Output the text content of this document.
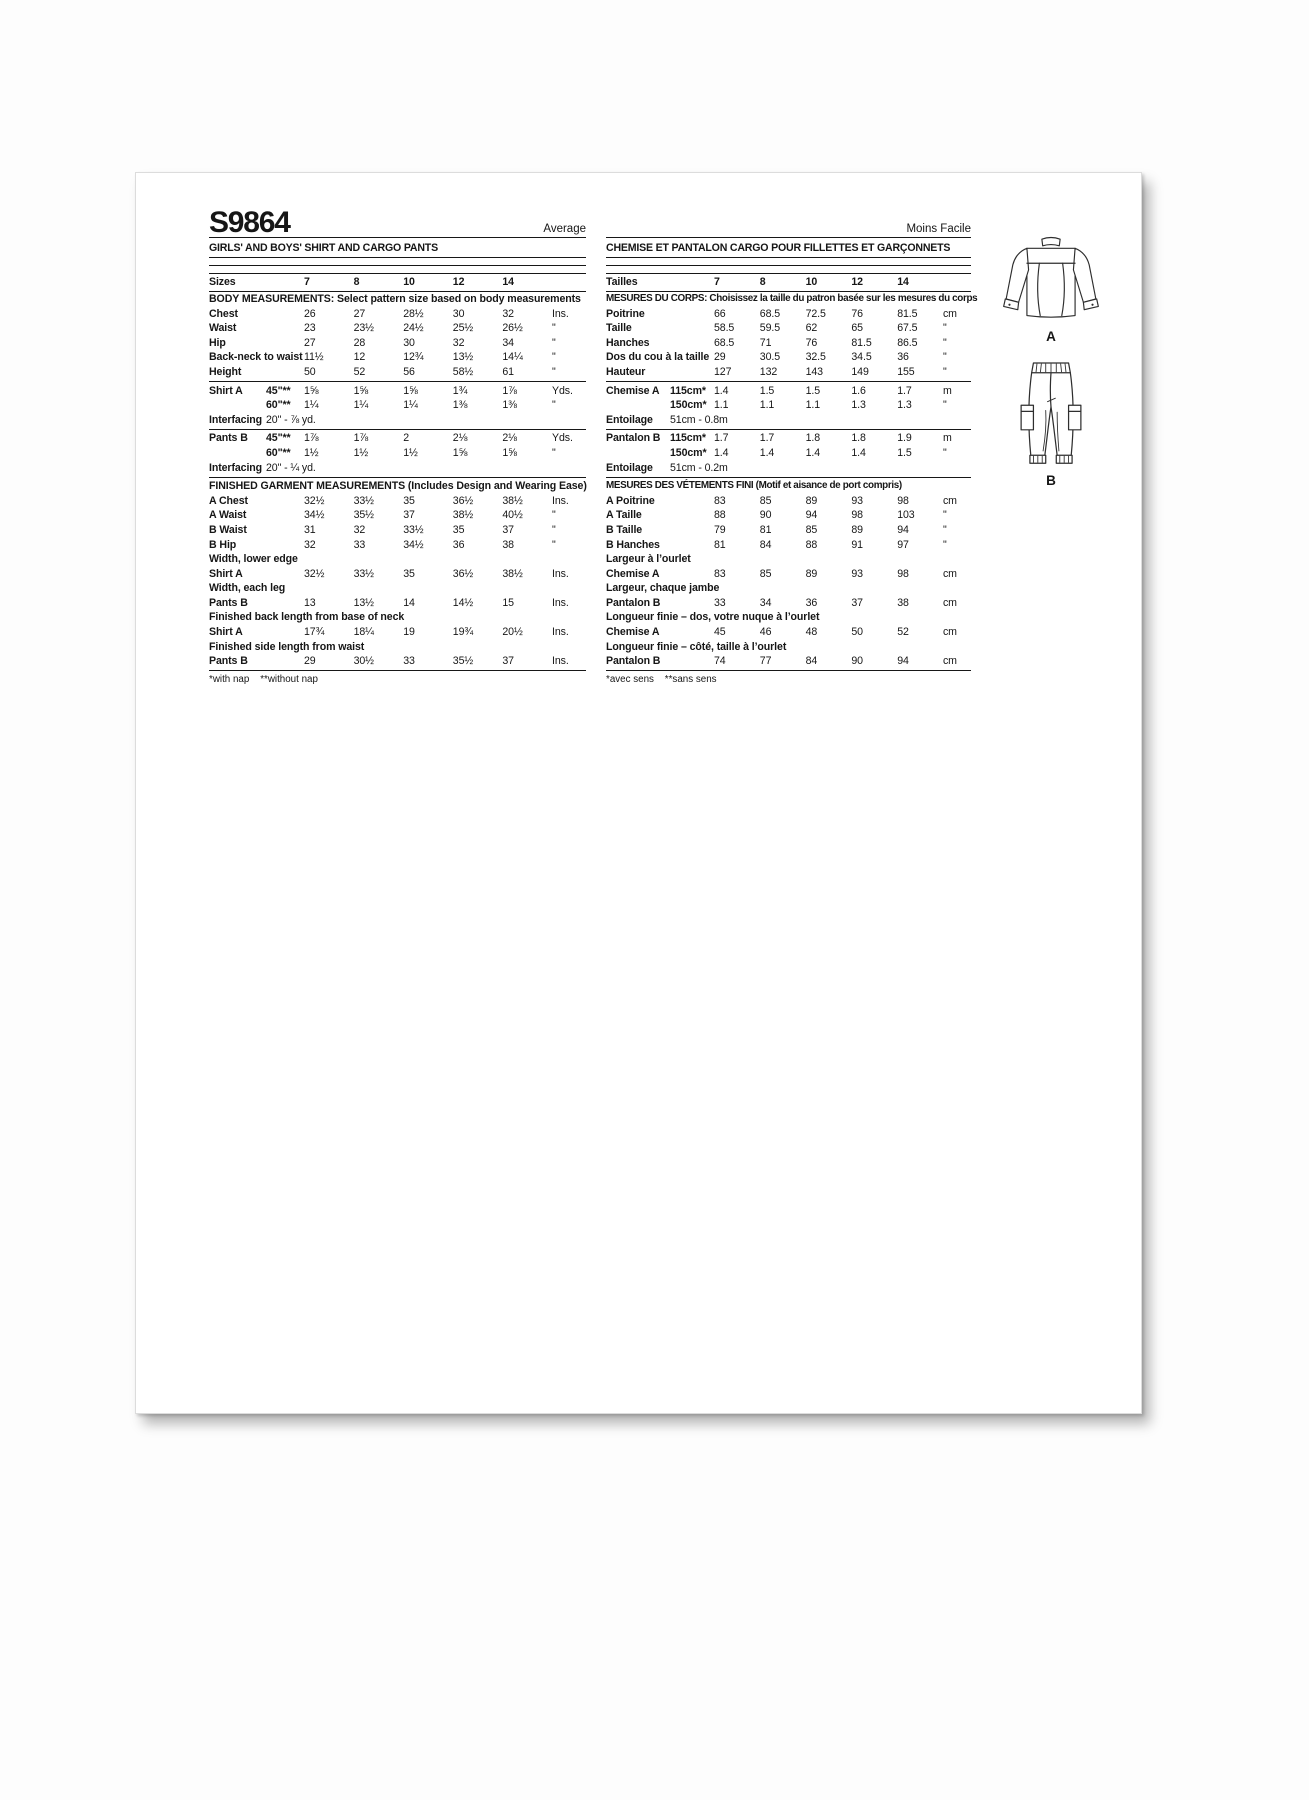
S9864	Average
GIRLS' AND BOYS' SHIRT AND CARGO PANTS

Sizes	7	8	10	12	14
BODY MEASUREMENTS: Select pattern size based on body measurements
Chest	26	27	28½	30	32	Ins.
Waist	23	23½	24½	25½	26½	"
Hip	27	28	30	32	34	"
Back-neck to waist 11½	12	12¾	13½	14¼	"
Height	50	52	56	58½	61	"
Shirt A	45"**	1⅝	1⅝	1⅝	1¾	1⅞	Yds.
60"**	1¼	1¼	1¼	1⅜	1⅜	"
Interfacing 20" - ⅞ yd.
Pants B	45"**	1⅞	1⅞	2	2⅛	2⅛	Yds.
60"**	1½	1½	1½	1⅝	1⅝	"
Interfacing 20" - ¼ yd.
FINISHED GARMENT MEASUREMENTS (Includes Design and Wearing Ease)
A Chest	32½	33½	35	36½	38½	Ins.
A Waist	34½	35½	37	38½	40½	"
B Waist	31	32	33½	35	37	"
B Hip	32	33	34½	36	38	"
Width, lower edge
Shirt A	32½	33½	35	36½	38½	Ins.
Width, each leg
Pants B	13	13½	14	14½	15	Ins.
Finished back length from base of neck
Shirt A	17¾	18¼	19	19¾	20½	Ins.
Finished side length from waist
Pants B	29	30½	33	35½	37	Ins.
*with nap    **without nap
Moins Facile
CHEMISE ET PANTALON CARGO POUR FILLETTES ET GARÇONNETS

Tailles	7	8	10	12	14
MESURES DU CORPS: Choisissez la taille du patron basée sur les mesures du corps
Poitrine	66	68.5	72.5	76	81.5	cm
Taille	58.5	59.5	62	65	67.5	"
Hanches	68.5	71	76	81.5	86.5	"
Dos du cou à la taille 29	30.5	32.5	34.5	36	"
Hauteur	127	132	143	149	155	"
Chemise A 115cm* 1.4	1.5	1.5	1.6	1.7	m
150cm* 1.1	1.1	1.1	1.3	1.3	"
Entoilage	51cm - 0.8m
Pantalon B 115cm* 1.7	1.7	1.8	1.8	1.9	m
150cm* 1.4	1.4	1.4	1.4	1.5	"
Entoilage	51cm - 0.2m
MESURES DES VÉTEMENTS FINI (Motif et aisance de port compris)
A Poitrine	83	85	89	93	98	cm
A Taille	88	90	94	98	103	"
B Taille	79	81	85	89	94	"
B Hanches	81	84	88	91	97	"
Largeur à l’ourlet
Chemise A	83	85	89	93	98	cm
Largeur, chaque jambe
Pantalon B	33	34	36	37	38	cm
Longueur finie – dos, votre nuque à l’ourlet
Chemise A	45	46	48	50	52	cm
Longueur finie – côté, taille à l’ourlet
Pantalon B	74	77	84	90	94	cm
*avec sens    **sans sens
A
B
